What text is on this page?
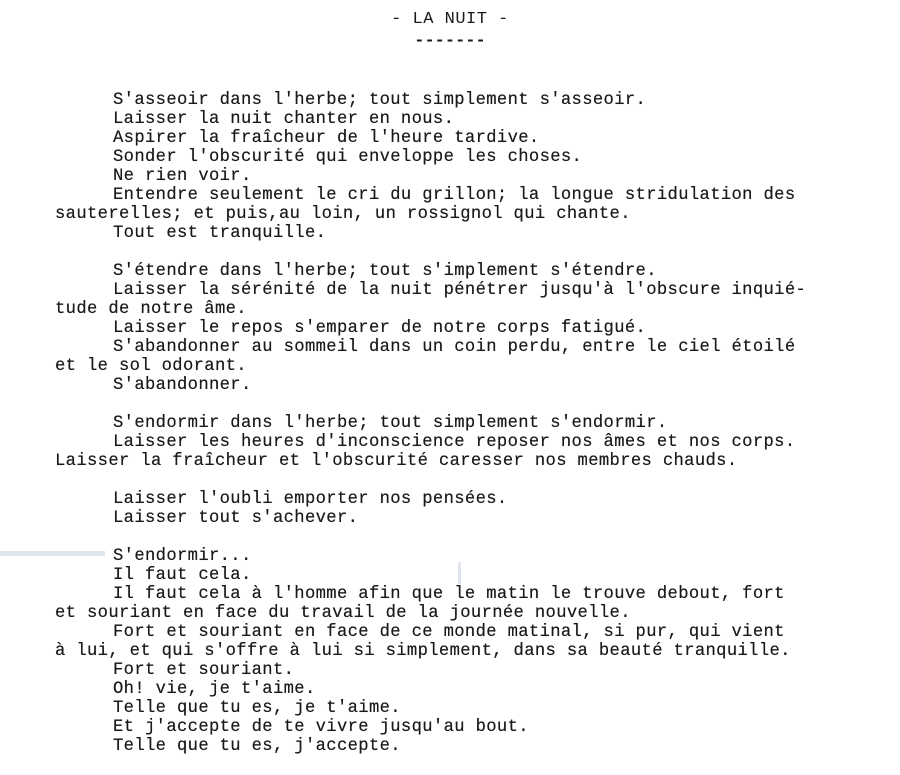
- LA NUIT -
-------
S'asseoir dans l'herbe; tout simplement s'asseoir.
Laisser la nuit chanter en nous.
Aspirer la fraîcheur de l'heure tardive.
Sonder l'obscurité qui enveloppe les choses.
Ne rien voir.
Entendre seulement le cri du grillon; la longue stridulation des
sauterelles; et puis,au loin, un rossignol qui chante.
Tout est tranquille.
S'étendre dans l'herbe; tout s'implement s'étendre.
Laisser la sérénité de la nuit pénétrer jusqu'à l'obscure inquié-
tude de notre âme.
Laisser le repos s'emparer de notre corps fatigué.
S'abandonner au sommeil dans un coin perdu, entre le ciel étoilé
et le sol odorant.
S'abandonner.
S'endormir dans l'herbe; tout simplement s'endormir.
Laisser les heures d'inconscience reposer nos âmes et nos corps.
Laisser la fraîcheur et l'obscurité caresser nos membres chauds.
Laisser l'oubli emporter nos pensées.
Laisser tout s'achever.
S'endormir...
Il faut cela.
Il faut cela à l'homme afin que le matin le trouve debout, fort
et souriant en face du travail de la journée nouvelle.
Fort et souriant en face de ce monde matinal, si pur, qui vient
à lui, et qui s'offre à lui si simplement, dans sa beauté tranquille.
Fort et souriant.
Oh! vie, je t'aime.
Telle que tu es, je t'aime.
Et j'accepte de te vivre jusqu'au bout.
Telle que tu es, j'accepte.
